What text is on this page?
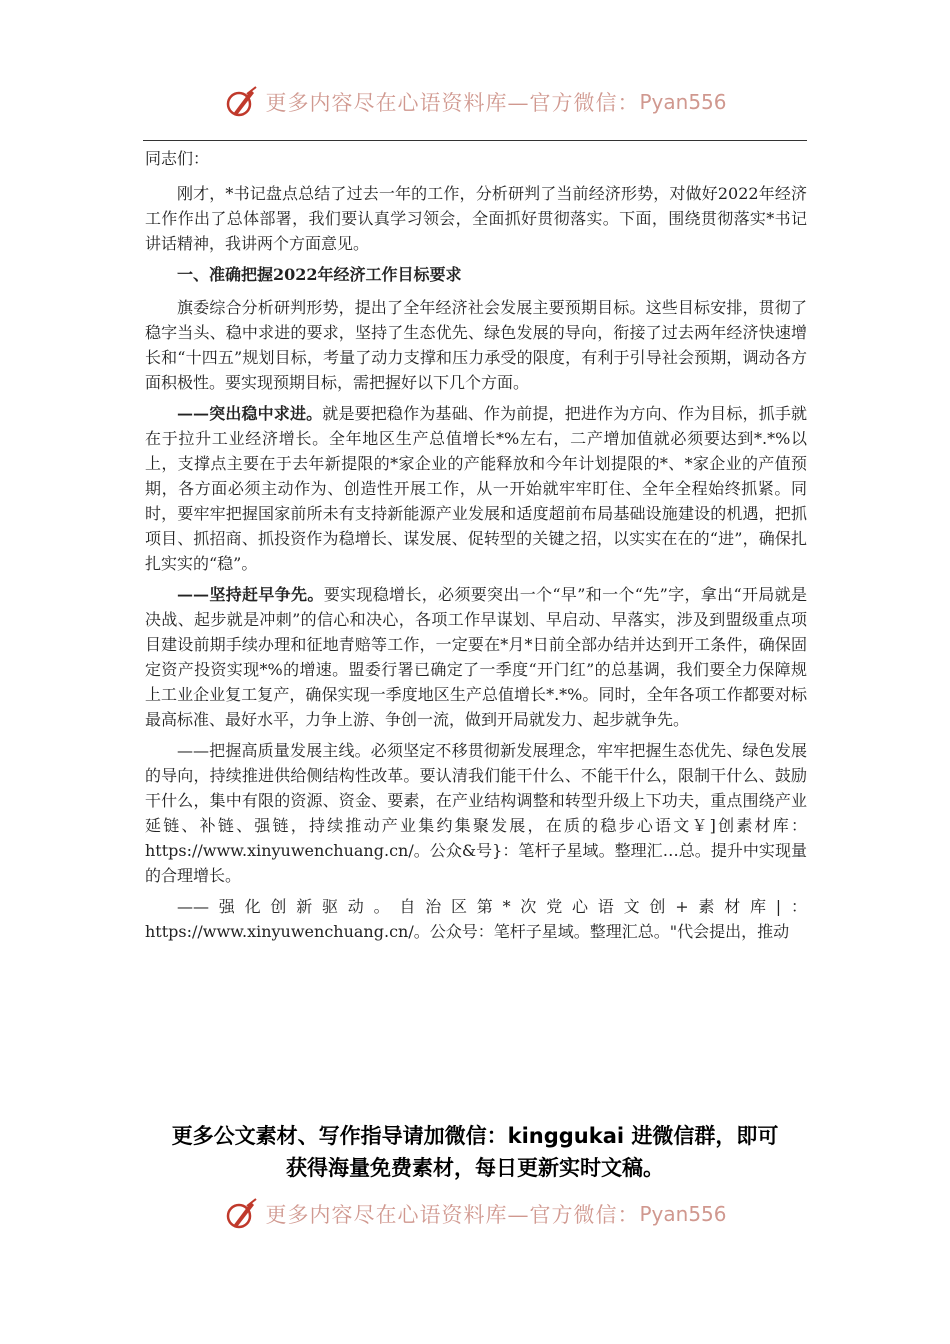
更多内容尽在心语资料库—官方微信： Pyan556

同志们：

刚才，*书记盘点总结了过去一年的工作，分析研判了当前经济形势，对做好2022年经济工作作出了总体部署，我们要认真学习领会，全面抓好贯彻落实。下面，围绕贯彻落实*书记讲话精神，我讲两个方面意见。

一、准确把握2022年经济工作目标要求

旗委综合分析研判形势，提出了全年经济社会发展主要预期目标。这些目标安排，贯彻了稳字当头、稳中求进的要求，坚持了生态优先、绿色发展的导向，衔接了过去两年经济快速增长和“十四五”规划目标，考量了动力支撑和压力承受的限度，有利于引导社会预期，调动各方面积极性。要实现预期目标，需把握好以下几个方面。

——突出稳中求进。就是要把稳作为基础、作为前提，把进作为方向、作为目标，抓手就在于拉升工业经济增长。全年地区生产总值增长*%左右，二产增加值就必须要达到*.*%以上，支撑点主要在于去年新提限的*家企业的产能释放和今年计划提限的*、*家企业的产值预期，各方面必须主动作为、创造性开展工作，从一开始就牢牢盯住、全年全程始终抓紧。同时，要牢牢把握国家前所未有支持新能源产业发展和适度超前布局基础设施建设的机遇，把抓项目、抓招商、抓投资作为稳增长、谋发展、促转型的关键之招，以实实在在的“进”，确保扎扎实实的“稳”。

——坚持赶早争先。要实现稳增长，必须要突出一个“早”和一个“先”字，拿出“开局就是决战、起步就是冲刺”的信心和决心，各项工作早谋划、早启动、早落实，涉及到盟级重点项目建设前期手续办理和征地青赔等工作，一定要在*月*日前全部办结并达到开工条件，确保固定资产投资实现*%的增速。盟委行署已确定了一季度“开门红”的总基调，我们要全力保障规上工业企业复工复产，确保实现一季度地区生产总值增长*.*%。同时，全年各项工作都要对标最高标准、最好水平，力争上游、争创一流，做到开局就发力、起步就争先。

——把握高质量发展主线。必须坚定不移贯彻新发展理念，牢牢把握生态优先、绿色发展的导向，持续推进供给侧结构性改革。要认清我们能干什么、不能干什么，限制干什么、鼓励干什么，集中有限的资源、资金、要素，在产业结构调整和转型升级上下功夫，重点围绕产业延链、补链、强链，持续推动产业集约集聚发展，在质的稳步心语文￥]创素材库：https://www.xinyuwenchuang.cn/。公众&号}：笔杆子星域。整理汇…总。提升中实现量的合理增长。

——强化创新驱动。自治区第*次党心语文创+素材库|：https://www.xinyuwenchuang.cn/。公众号：笔杆子星域。整理汇总。"代会提出，推动

更多公文素材、写作指导请加微信：kinggukai 进微信群，即可
获得海量免费素材，每日更新实时文稿。
更多内容尽在心语资料库—官方微信： Pyan556
